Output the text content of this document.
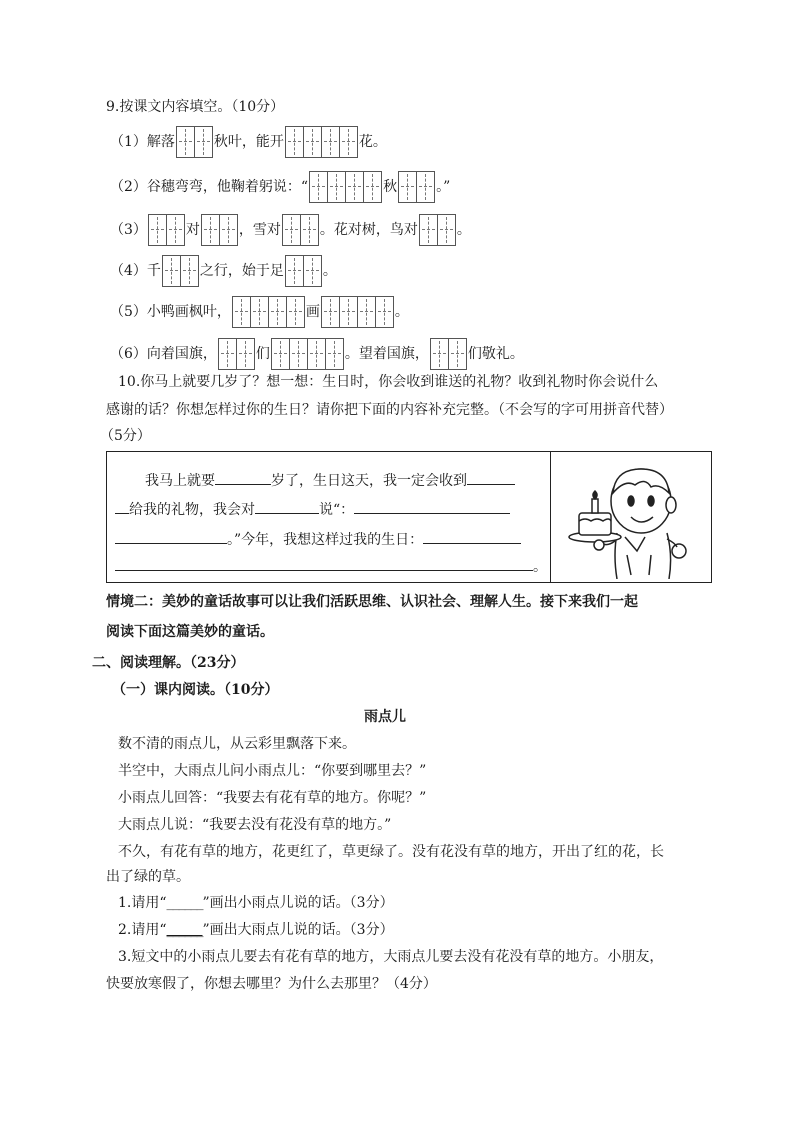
9.按课文内容填空。（10分）
（1）解落	秋叶，能开	花。
（2）谷穗弯弯，他鞠着躬说：“	秋	。”
（3）	对	，雪对	。花对树，鸟对	。
（4）千	之行，始于足	。
（5）小鸭画枫叶，	画	。
（6）向着国旗，	们	。望着国旗，	们敬礼。
10.你马上就要几岁了？想一想：生日时，你会收到谁送的礼物？收到礼物时你会说什么
感谢的话？你想怎样过你的生日？请你把下面的内容补充完整。（不会写的字可用拼音代替）
（5分）
我马上就要	岁了，生日这天，我一定会收到
给我的礼物，我会对	说“：
。”今年，我想这样过我的生日：
。
情境二：美妙的童话故事可以让我们活跃思维、认识社会、理解人生。接下来我们一起
阅读下面这篇美妙的童话。
二、阅读理解。（23分）
（一）课内阅读。（10分）
雨点儿
数不清的雨点儿，从云彩里飘落下来。
半空中，大雨点儿问小雨点儿：“你要到哪里去？”
小雨点儿回答：“我要去有花有草的地方。你呢？”
大雨点儿说：“我要去没有花没有草的地方。”
不久，有花有草的地方，花更红了，草更绿了。没有花没有草的地方，开出了红的花，长
出了绿的草。
1.请用“______”画出小雨点儿说的话。（3分）
2.请用“______”画出大雨点儿说的话。（3分）
3.短文中的小雨点儿要去有花有草的地方，大雨点儿要去没有花没有草的地方。小朋友，
快要放寒假了，你想去哪里？为什么去那里？（4分）
